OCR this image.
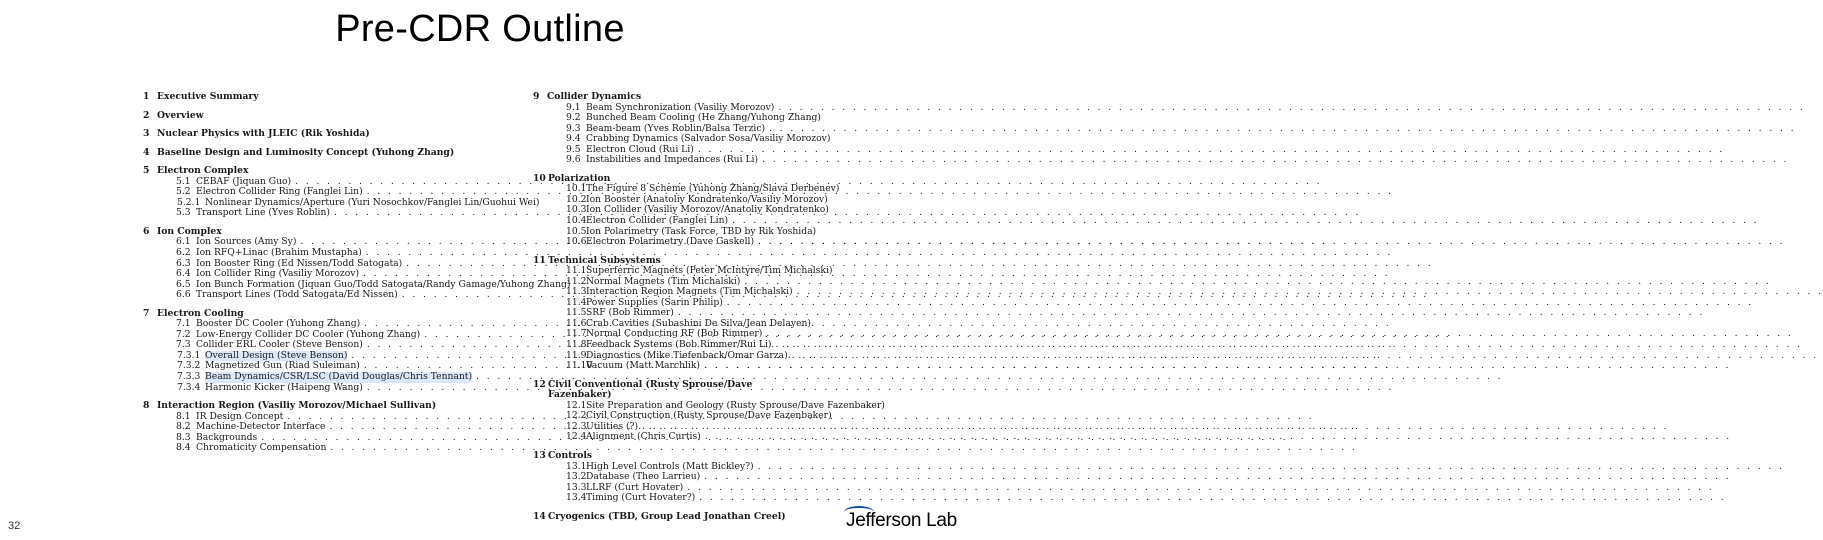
Pre-CDR Outline
1 Executive Summary
2 Overview
3 Nuclear Physics with JLEIC (Rik Yoshida)
4 Baseline Design and Luminosity Concept (Yuhong Zhang)
5 Electron Complex
5.1 CEBAF (Jiquan Guo)
. . .
5.2 Electron Collider Ring (Fanglei Lin)
. . .
5.2.1 Nonlinear Dynamics/Aperture (Yuri Nosochkov/Fanglei Lin/Guohui Wei)
5.3 Transport Line (Yves Roblin)
. . .
6 Ion Complex
6.1 Ion Sources (Amy Sy)
. . .
6.2 Ion RFQ+Linac (Brahim Mustapha)
. . .
6.3 Ion Booster Ring (Ed Nissen/Todd Satogata)
. . .
6.4 Ion Collider Ring (Vasiliy Morozov)
. . .
6.5 Ion Bunch Formation (Jiquan Guo/Todd Satogata/Randy Gamage/Yuhong Zhang)
6.6 Transport Lines (Todd Satogata/Ed Nissen)
. . .
7 Electron Cooling
7.1 Booster DC Cooler (Yuhong Zhang)
. . .
7.2 Low-Energy Collider DC Cooler (Yuhong Zhang)
. . .
7.3 Collider ERL Cooler (Steve Benson)
. . .
7.3.1 Overall Design (Steve Benson)
. . .
7.3.2 Magnetized Gun (Riad Suleiman)
. . .
7.3.3 Beam Dynamics/CSR/LSC (David Douglas/Chris Tennant)
. . .
7.3.4 Harmonic Kicker (Haipeng Wang)
. . .
8 Interaction Region (Vasiliy Morozov/Michael Sullivan)
8.1 IR Design Concept
. . .
8.2 Machine-Detector Interface
. . .
8.3 Backgrounds
. . .
8.4 Chromaticity Compensation
. . .
9 Collider Dynamics
9.1 Beam Synchronization (Vasiliy Morozov)
. . .
9.2 Bunched Beam Cooling (He Zhang/Yuhong Zhang)
9.3 Beam-beam (Yves Roblin/Balsa Terzic)
. . .
9.4 Crabbing Dynamics (Salvador Sosa/Vasiliy Morozov)
9.5 Electron Cloud (Rui Li)
. . .
9.6 Instabilities and Impedances (Rui Li)
. . .
10 Polarization
10.1 The Figure 8 Scheme (Yuhong Zhang/Slava Derbenev)
10.2 Ion Booster (Anatoliy Kondratenko/Vasiliy Morozov)
10.3 Ion Collider (Vasiliy Morozov/Anatoliy Kondratenko)
10.4 Electron Collider (Fanglei Lin)
. . .
10.5 Ion Polarimetry (Task Force, TBD by Rik Yoshida)
10.6 Electron Polarimetry (Dave Gaskell)
. . .
11 Technical Subsystems
11.1 Superferric Magnets (Peter McIntyre/Tim Michalski)
11.2 Normal Magnets (Tim Michalski)
. . .
11.3 Interaction Region Magnets (Tim Michalski)
. . .
11.4 Power Supplies (Sarin Philip)
. . .
11.5 SRF (Bob Rimmer)
. . .
11.6 Crab Cavities (Subashini De Silva/Jean Delayen)
. . .
11.7 Normal Conducting RF (Bob Rimmer)
. . .
11.8 Feedback Systems (Bob Rimmer/Rui Li)
. . .
11.9 Diagnostics (Mike Tiefenback/Omar Garza)
. . .
11.10
Vacuum (Matt Marchlik)
. . .
12 Civil Conventional (Rusty Sprouse/Dave Fazenbaker)
12.1 Site Preparation and Geology (Rusty Sprouse/Dave Fazenbaker)
12.2 Civil Construction (Rusty Sprouse/Dave Fazenbaker)
12.3 Utilities (?)
. . .
12.4 Alignment (Chris Curtis)
. . .
13 Controls
13.1 High Level Controls (Matt Bickley?)
. . .
13.2 Database (Theo Larrieu)
. . .
13.3 LLRF (Curt Hovater)
. . .
13.4 Timing (Curt Hovater?)
. . .
14 Cryogenics (TBD, Group Lead Jonathan Creel)
32	Jefferson Lab
